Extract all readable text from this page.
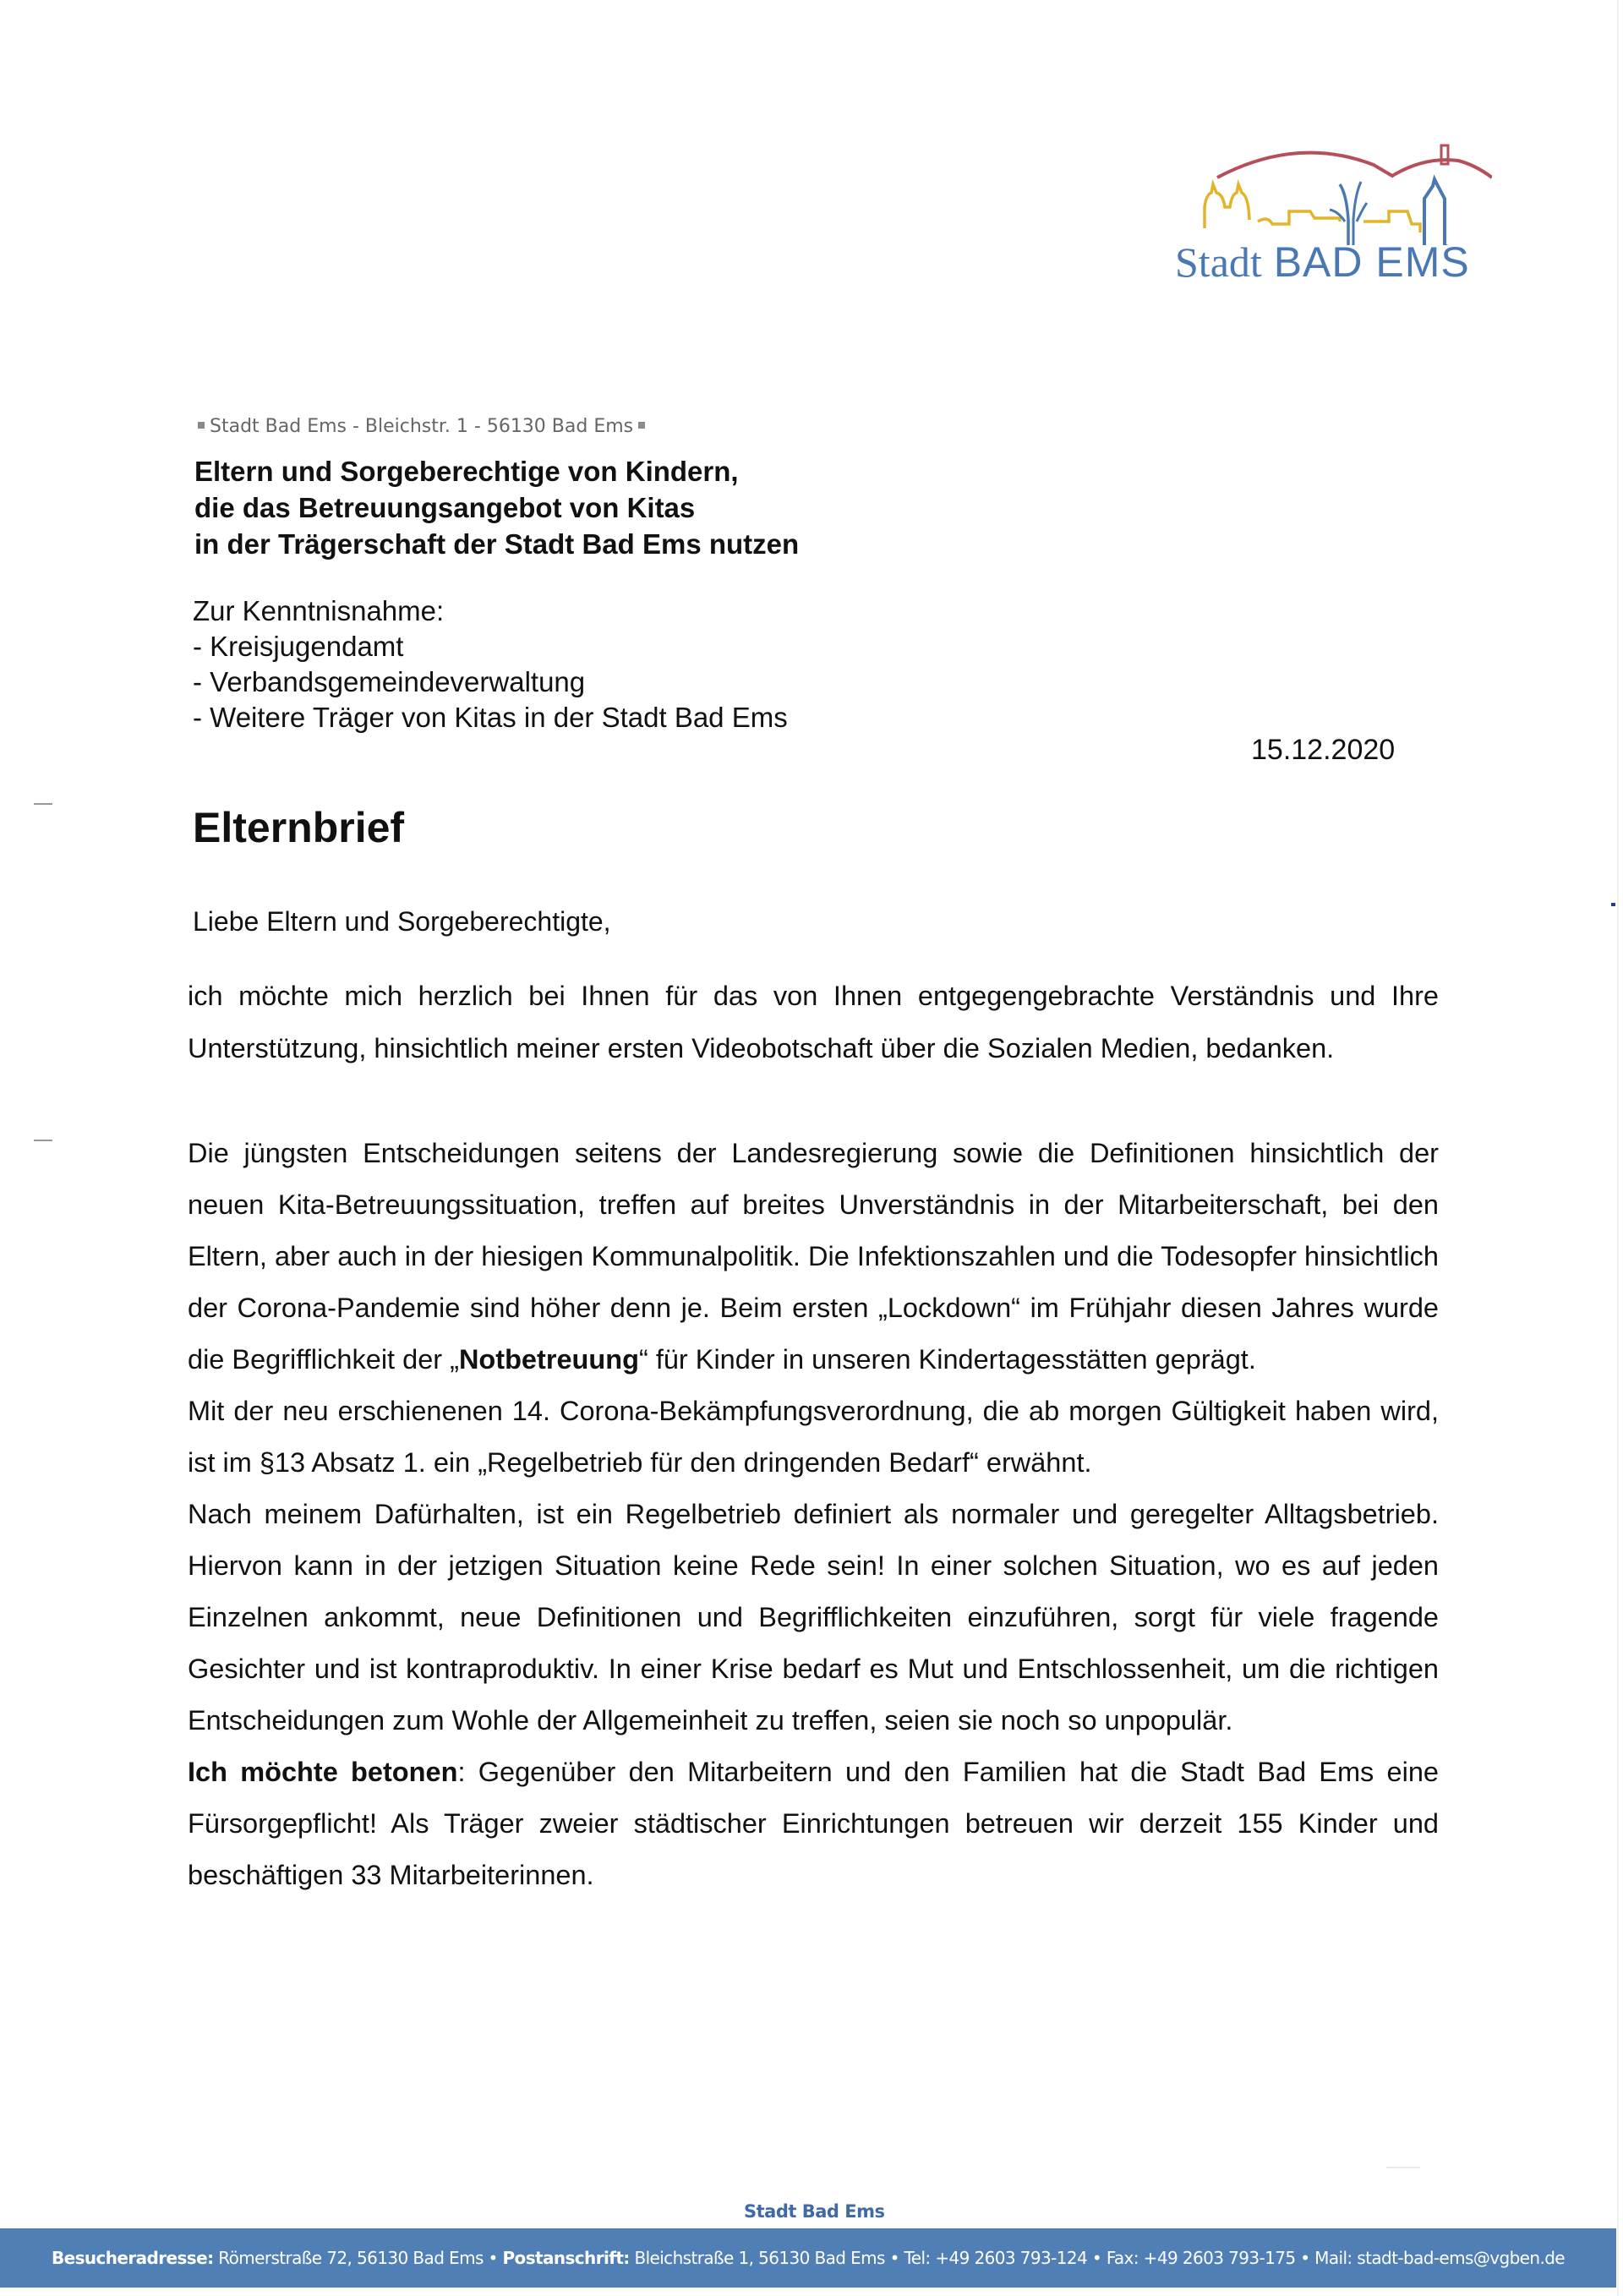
Stadt BAD EMS
Stadt Bad Ems - Bleichstr. 1 - 56130 Bad Ems
Eltern und Sorgeberechtige von Kindern,
die das Betreuungsangebot von Kitas
in der Trägerschaft der Stadt Bad Ems nutzen
Zur Kenntnisnahme:
- Kreisjugendamt
- Verbandsgemeindeverwaltung
- Weitere Träger von Kitas in der Stadt Bad Ems
15.12.2020
Elternbrief
Liebe Eltern und Sorgeberechtigte,

ich möchte mich herzlich bei Ihnen für das von Ihnen entgegengebrachte Verständnis und Ihre Unterstützung, hinsichtlich meiner ersten Videobotschaft über die Sozialen Medien, bedanken.

Die jüngsten Entscheidungen seitens der Landesregierung sowie die Definitionen hinsichtlich der neuen Kita-Betreuungssituation, treffen auf breites Unverständnis in der Mitarbeiterschaft, bei den Eltern, aber auch in der hiesigen Kommunalpolitik. Die Infektionszahlen und die Todesopfer hinsichtlich der Corona-Pandemie sind höher denn je. Beim ersten „Lockdown“ im Frühjahr diesen Jahres wurde die Begrifflichkeit der „Notbetreuung“ für Kinder in unseren Kindertagesstätten geprägt.

Mit der neu erschienenen 14. Corona-Bekämpfungsverordnung, die ab morgen Gültigkeit haben wird, ist im §13 Absatz 1. ein „Regelbetrieb für den dringenden Bedarf“ erwähnt.

Nach meinem Dafürhalten, ist ein Regelbetrieb definiert als normaler und geregelter Alltagsbetrieb. Hiervon kann in der jetzigen Situation keine Rede sein! In einer solchen Situation, wo es auf jeden Einzelnen ankommt, neue Definitionen und Begrifflichkeiten einzuführen, sorgt für viele fragende Gesichter und ist kontraproduktiv. In einer Krise bedarf es Mut und Entschlossenheit, um die richtigen Entscheidungen zum Wohle der Allgemeinheit zu treffen, seien sie noch so unpopulär.

Ich möchte betonen: Gegenüber den Mitarbeitern und den Familien hat die Stadt Bad Ems eine Fürsorgepflicht! Als Träger zweier städtischer Einrichtungen betreuen wir derzeit 155 Kinder und beschäftigen 33 Mitarbeiterinnen.

Stadt Bad Ems
Besucheradresse: Römerstraße 72, 56130 Bad Ems • Postanschrift: Bleichstraße 1, 56130 Bad Ems • Tel: +49 2603 793-124 • Fax: +49 2603 793-175 • Mail: stadt-bad-ems@vgben.de
